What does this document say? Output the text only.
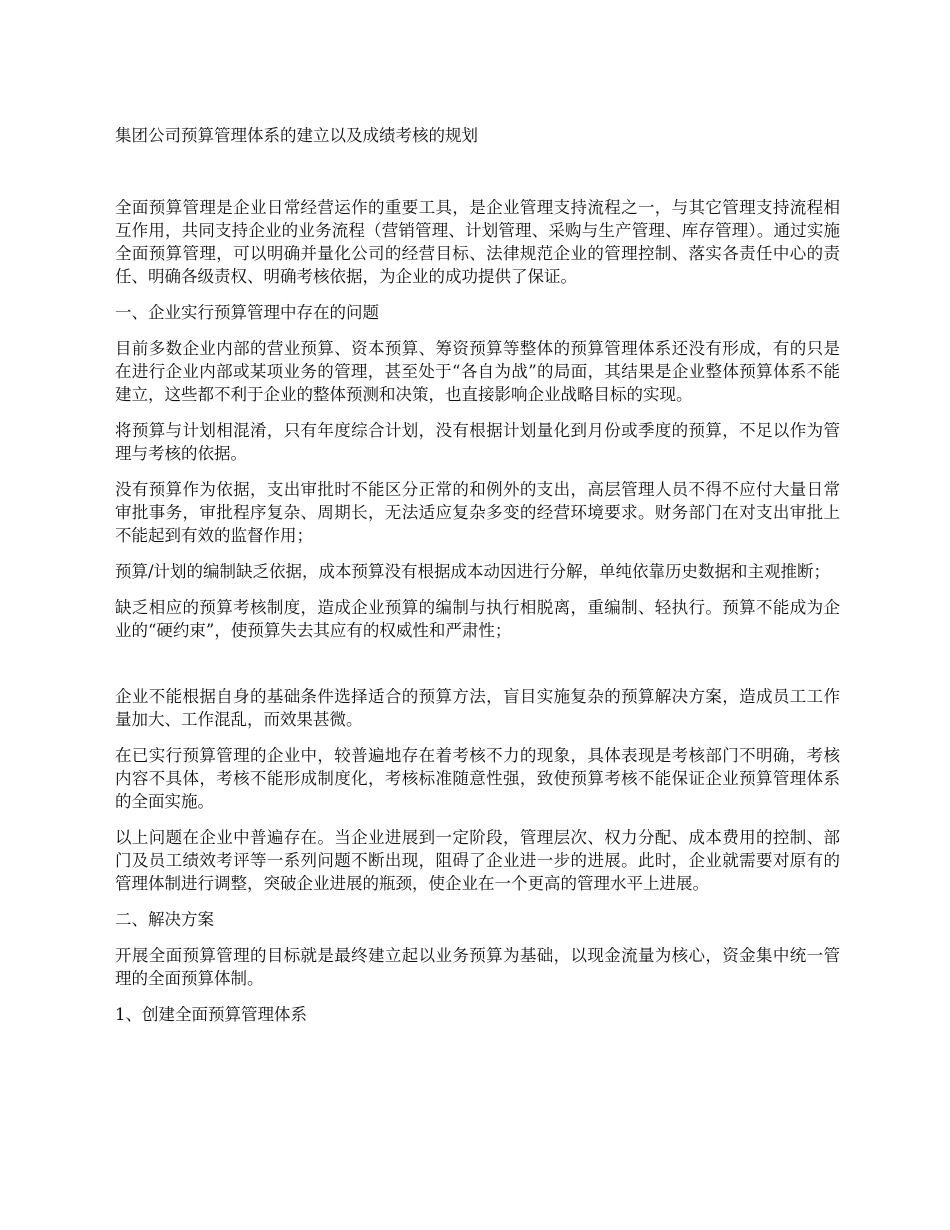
集团公司预算管理体系的建立以及成绩考核的规划

全面预算管理是企业日常经营运作的重要工具，是企业管理支持流程之一，与其它管理支持流程相互作用，共同支持企业的业务流程（营销管理、计划管理、采购与生产管理、库存管理）。通过实施全面预算管理，可以明确并量化公司的经营目标、法律规范企业的管理控制、落实各责任中心的责任、明确各级责权、明确考核依据，为企业的成功提供了保证。

一、企业实行预算管理中存在的问题

目前多数企业内部的营业预算、资本预算、筹资预算等整体的预算管理体系还没有形成，有的只是在进行企业内部或某项业务的管理，甚至处于“各自为战”的局面，其结果是企业整体预算体系不能建立，这些都不利于企业的整体预测和决策，也直接影响企业战略目标的实现。

将预算与计划相混淆，只有年度综合计划，没有根据计划量化到月份或季度的预算，不足以作为管理与考核的依据。

没有预算作为依据，支出审批时不能区分正常的和例外的支出，高层管理人员不得不应付大量日常审批事务，审批程序复杂、周期长，无法适应复杂多变的经营环境要求。财务部门在对支出审批上不能起到有效的监督作用；

预算/计划的编制缺乏依据，成本预算没有根据成本动因进行分解，单纯依靠历史数据和主观推断；

缺乏相应的预算考核制度，造成企业预算的编制与执行相脱离，重编制、轻执行。预算不能成为企业的“硬约束”，使预算失去其应有的权威性和严肃性；

企业不能根据自身的基础条件选择适合的预算方法，盲目实施复杂的预算解决方案，造成员工工作量加大、工作混乱，而效果甚微。

在已实行预算管理的企业中，较普遍地存在着考核不力的现象，具体表现是考核部门不明确，考核内容不具体，考核不能形成制度化，考核标准随意性强，致使预算考核不能保证企业预算管理体系的全面实施。

以上问题在企业中普遍存在。当企业进展到一定阶段，管理层次、权力分配、成本费用的控制、部门及员工绩效考评等一系列问题不断出现，阻碍了企业进一步的进展。此时，企业就需要对原有的管理体制进行调整，突破企业进展的瓶颈，使企业在一个更高的管理水平上进展。

二、解决方案

开展全面预算管理的目标就是最终建立起以业务预算为基础，以现金流量为核心，资金集中统一管理的全面预算体制。

1、创建全面预算管理体系
